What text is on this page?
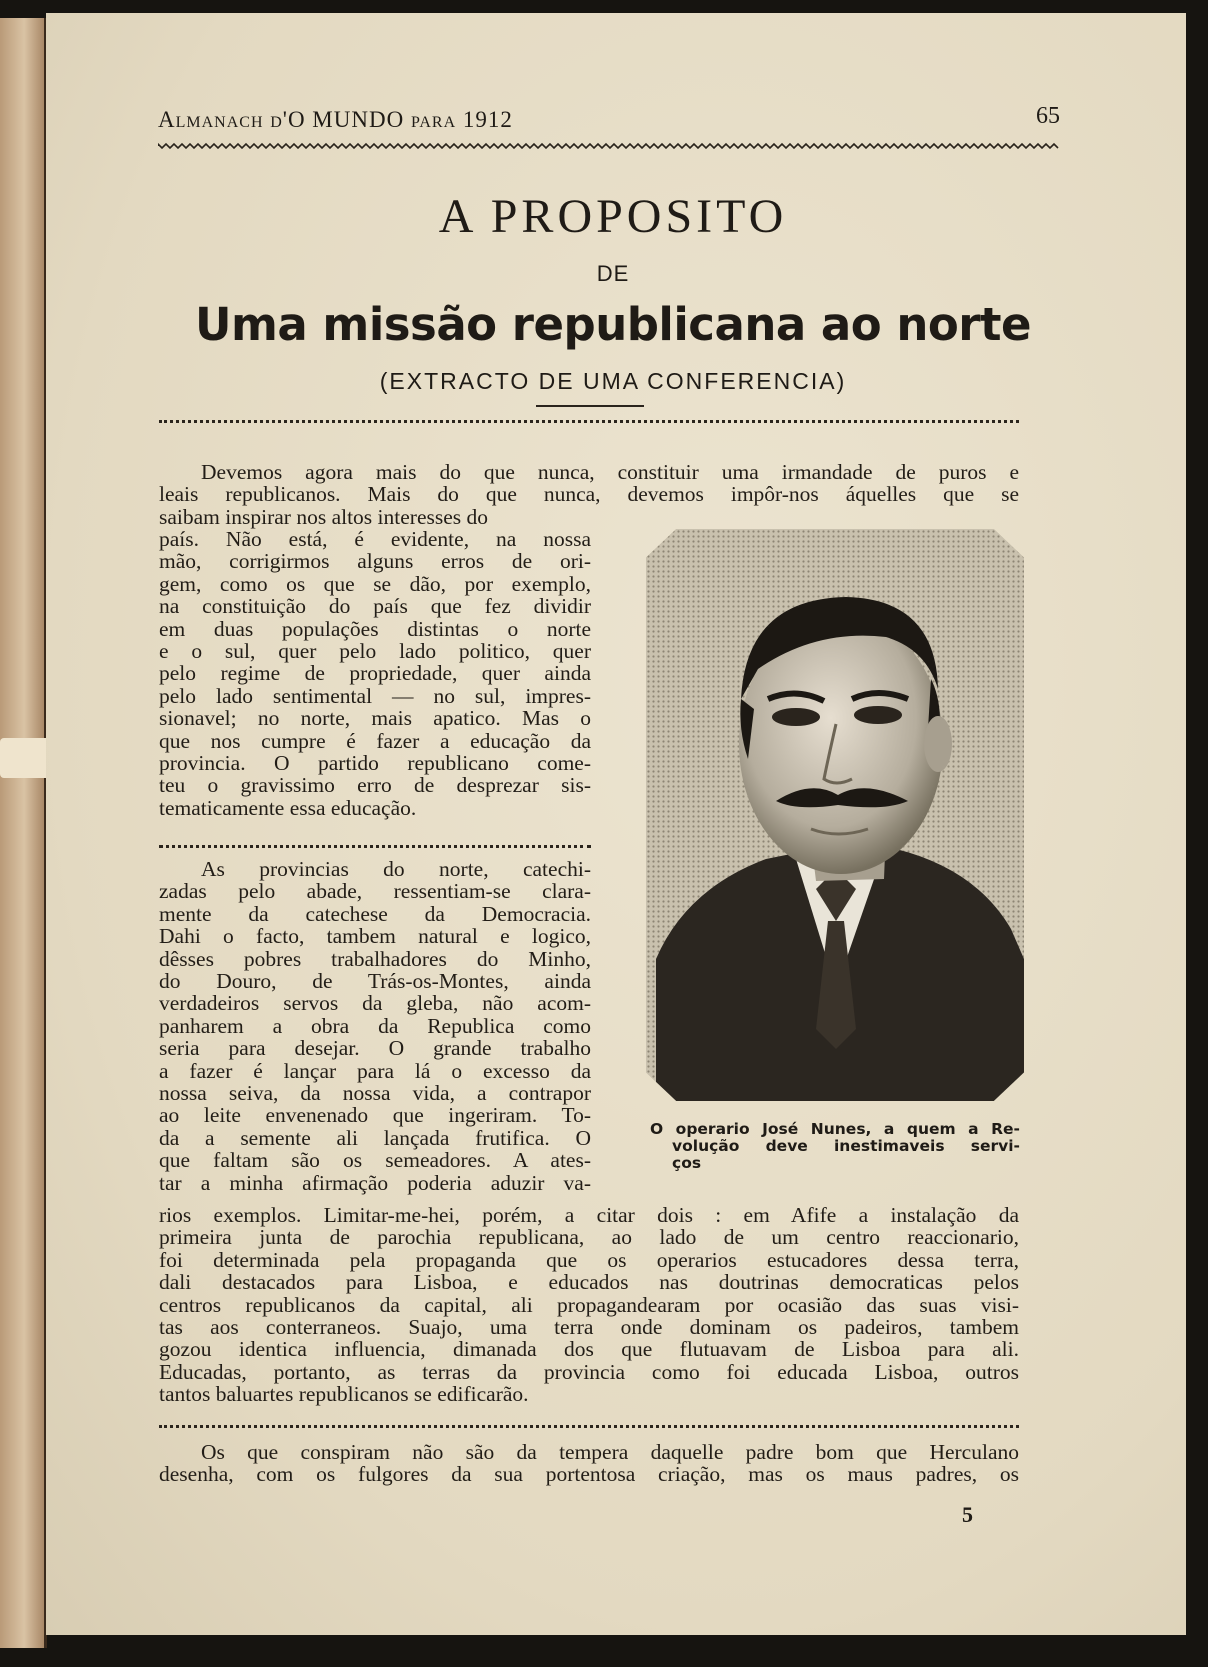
Almanach d'O MUNDO para 1912	65
A PROPOSITO
DE
Uma missão republicana ao norte
(EXTRACTO DE UMA CONFERENCIA)
Devemos agora mais do que nunca, constituir uma irmandade de puros e
leais republicanos. Mais do que nunca, devemos impôr-nos áquelles que se
saibam inspirar nos altos interesses do
país. Não está, é evidente, na nossa
mão, corrigirmos alguns erros de ori-
gem, como os que se dão, por exemplo,
na constituição do país que fez dividir
em duas populações distintas o norte
e o sul, quer pelo lado politico, quer
pelo regime de propriedade, quer ainda
pelo lado sentimental — no sul, impres-
sionavel; no norte, mais apatico. Mas o
que nos cumpre é fazer a educação da
provincia. O partido republicano come-
teu o gravissimo erro de desprezar sis-
tematicamente essa educação.
As provincias do norte, catechi-
zadas pelo abade, ressentiam-se clara-
mente da catechese da Democracia.
Dahi o facto, tambem natural e logico,
dêsses pobres trabalhadores do Minho,
do Douro, de Trás-os-Montes, ainda
verdadeiros servos da gleba, não acom-
panharem a obra da Republica como
seria para desejar. O grande trabalho
a fazer é lançar para lá o excesso da
nossa seiva, da nossa vida, a contrapor
ao leite envenenado que ingeriram. To-
da a semente ali lançada frutifica. O
que faltam são os semeadores. A ates-
tar a minha afirmação poderia aduzir va-
O operario José Nunes, a quem a Re-
volução deve inestimaveis servi-
ços
rios exemplos. Limitar-me-hei, porém, a citar dois : em Afife a instalação da
primeira junta de parochia republicana, ao lado de um centro reaccionario,
foi determinada pela propaganda que os operarios estucadores dessa terra,
dali destacados para Lisboa, e educados nas doutrinas democraticas pelos
centros republicanos da capital, ali propagandearam por ocasião das suas visi-
tas aos conterraneos. Suajo, uma terra onde dominam os padeiros, tambem
gozou identica influencia, dimanada dos que flutuavam de Lisboa para ali.
Educadas, portanto, as terras da provincia como foi educada Lisboa, outros
tantos baluartes republicanos se edificarão.
Os que conspiram não são da tempera daquelle padre bom que Herculano
desenha, com os fulgores da sua portentosa criação, mas os maus padres, os
5
